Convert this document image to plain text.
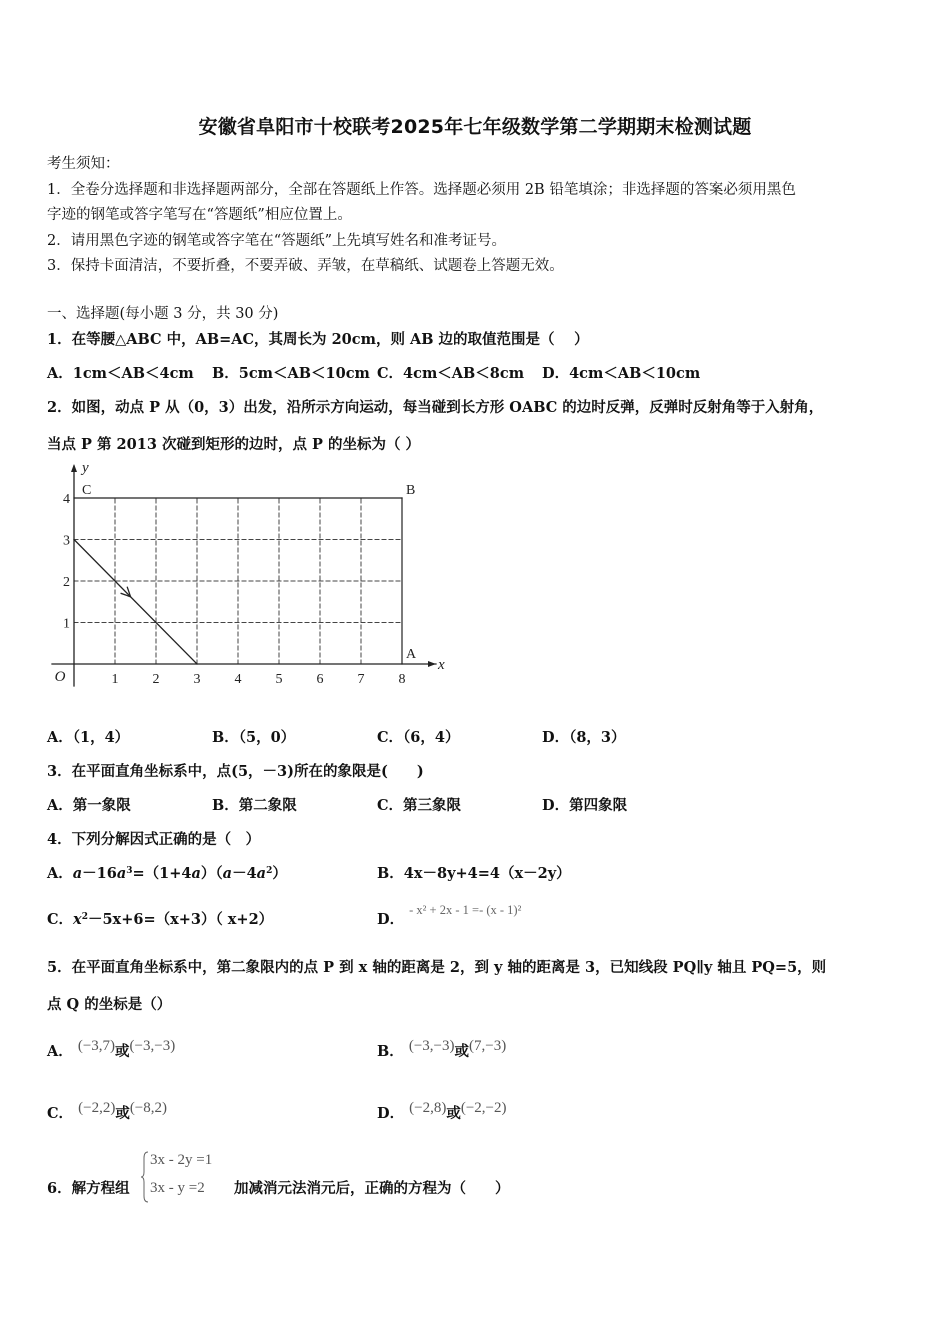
安徽省阜阳市十校联考2025年七年级数学第二学期期末检测试题
考生须知：
1．全卷分选择题和非选择题两部分，全部在答题纸上作答。选择题必须用 2B 铅笔填涂；非选择题的答案必须用黑色
字迹的钢笔或答字笔写在“答题纸”相应位置上。
2．请用黑色字迹的钢笔或答字笔在“答题纸”上先填写姓名和准考证号。
3．保持卡面清洁，不要折叠，不要弄破、弄皱，在草稿纸、试题卷上答题无效。
一、选择题(每小题 3 分，共 30 分)
1．在等腰△ABC 中，AB=AC，其周长为 20cm，则 AB 边的取值范围是（　 ）
A．1cm＜AB＜4cm B．5cm＜AB＜10cm C．4cm＜AB＜8cm D．4cm＜AB＜10cm
2．如图，动点 P 从（0，3）出发，沿所示方向运动，每当碰到长方形 OABC 的边时反弹，反弹时反射角等于入射角，
当点 P 第 2013 次碰到矩形的边时，点 P 的坐标为（ ）
1 2 3 4 5 6 7 8
1
2
3
4
O
x
y
C	B
A
A．（1，4）	B．（5，0）	C．（6，4）	D．（8，3）
3．在平面直角坐标系中，点(5，－3)所在的象限是(　　)
A．第一象限	B．第二象限	C．第三象限	D．第四象限
4．下列分解因式正确的是（　）
A．$a-16a^3=(1+4a)(a-4a^2)$	B．4x－8y+4=4（x－2y）
C．$x^2-5x+6=(x+3)$（ x+2）	D． - x² + 2x - 1 =- (x - 1)²
5．在平面直角坐标系中，第二象限内的点 P 到 x 轴的距离是 2，到 y 轴的距离是 3，已知线段 PQ∥y 轴且 PQ=5，则
点 Q 的坐标是（）
A． (−3,7)或(−3,−3)	B． (−3,−3)或(7,−3)
C． (−2,2)或(−8,2)	D． (−2,8)或(−2,−2)
6．解方程组
3x - 2y =1
3x - y =2 加减消元法消元后，正确的方程为（　　）
